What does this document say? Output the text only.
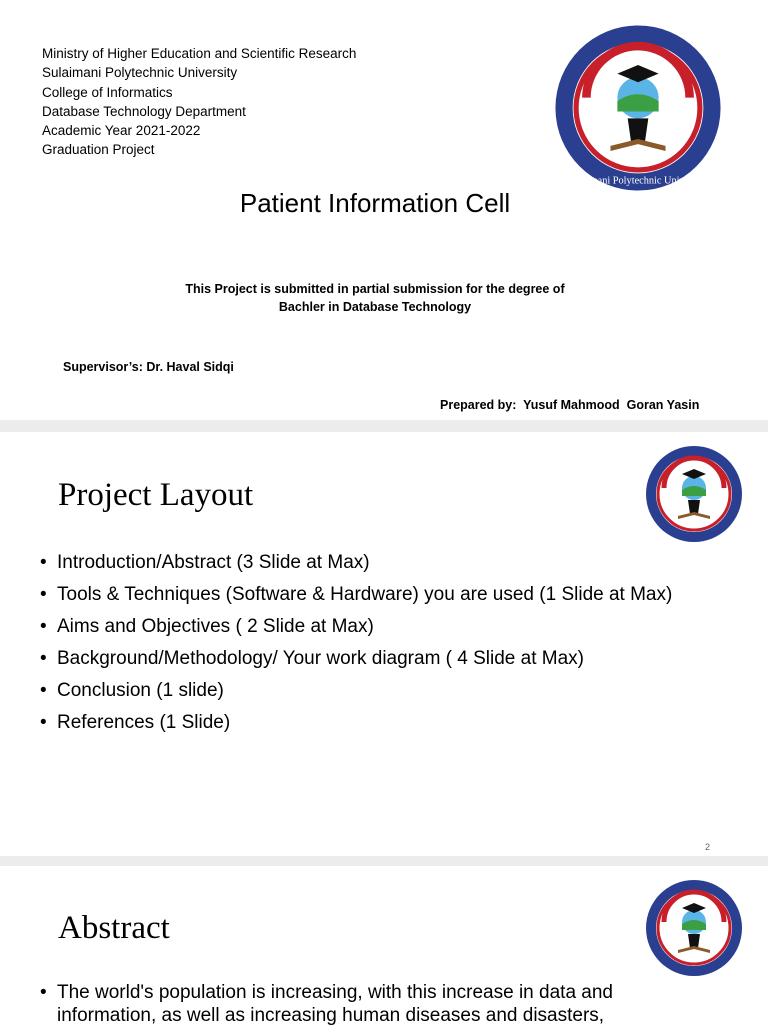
Ministry of Higher Education and Scientific Research
Sulaimani Polytechnic University
College of Informatics
Database Technology Department
Academic Year 2021-2022
Graduation Project
Sulaimani Polytechnic University
Patient Information Cell
This Project is submitted in partial submission for the degree of
Bachler in Database Technology
Supervisor’s: Dr. Haval Sidqi

Prepared by:  Yusuf Mahmood  Goran Yasin

Project Layout
• Introduction/Abstract (3 Slide at Max)
• Tools & Techniques (Software & Hardware) you are used (1 Slide at Max)
• Aims and Objectives ( 2 Slide at Max)
• Background/Methodology/ Your work diagram ( 4 Slide at Max)
• Conclusion (1 slide)
• References (1 Slide)
2
Abstract
• The world's population is increasing, with this increase in data and
information, as well as increasing human diseases and disasters,
